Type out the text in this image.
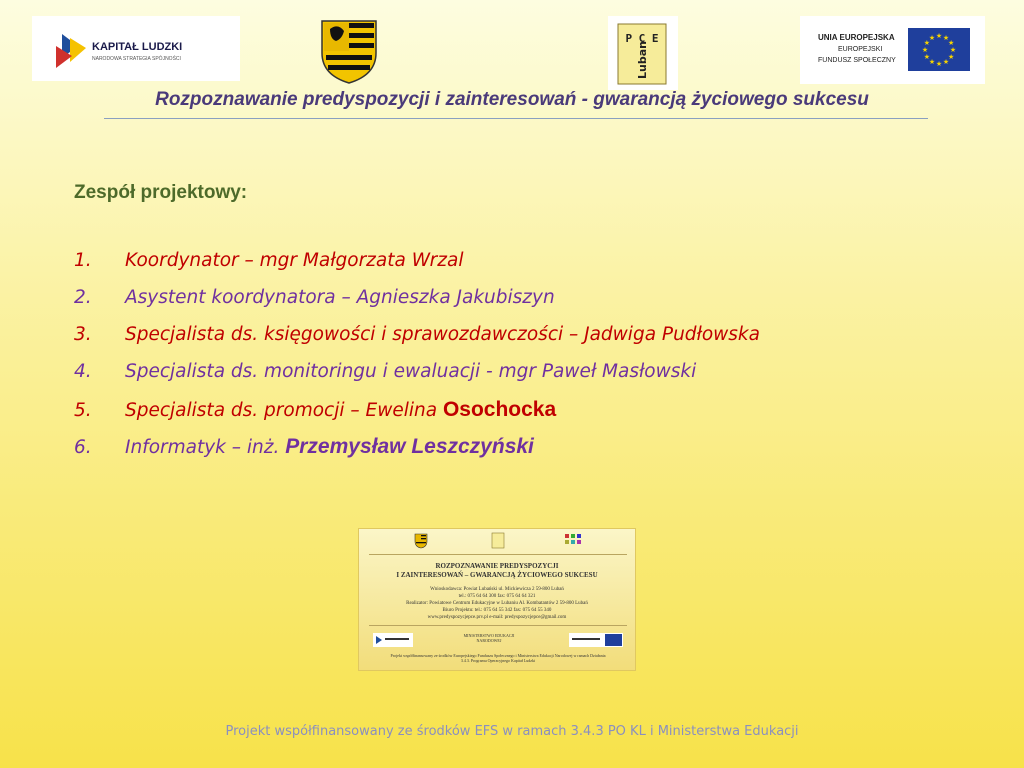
KAPITAŁ LUDZKI
NARODOWA STRATEGIA SPÓJNOŚCI
P C E
Luban
PCE Luban
UNIA EUROPEJSKA
EUROPEJSKI
FUNDUSZ SPOŁECZNY
★ ★
★
★
★
★
★
★
★
★
★
★
Rozpoznawanie predyspozycji i zainteresowań - gwarancją życiowego sukcesu
Zespół projektowy:
1.	Koordynator – mgr Małgorzata Wrzal
2.	Asystent koordynatora – Agnieszka Jakubiszyn
3.	Specjalista ds. księgowości i sprawozdawczości – Jadwiga Pudłowska
4.	Specjalista ds. monitoringu i ewaluacji - mgr Paweł Masłowski
5.	Specjalista ds. promocji – Ewelina Osochocka
6.	Informatyk – inż. Przemysław Leszczyński
ROZPOZNAWANIE PREDYSPOZYCJI
I ZAINTERESOWAŃ – GWARANCJĄ ŻYCIOWEGO SUKCESU
Wnioskodawca: Powiat Lubański ul. Mickiewicza 2 59-800 Lubań
tel.: 075 64 64 300 fax: 075 64 64 321
Realizator: Powiatowe Centrum Edukacyjne w Lubaniu Al. Kombatantów 2 59-800 Lubań
Biuro Projektu: tel.: 075 64 55 342 fax: 075 64 55 340
www.predyspozycjepce.prv.pl e-mail: predyspozycjepce@gmail.com
MINISTERSTWO EDUKACJI NARODOWEJ
Projekt współfinansowany ze środków Europejskiego Funduszu Społecznego i Ministerstwa Edukacji Narodowej w ramach Działania 3.4.3. Programu Operacyjnego Kapitał Ludzki
Projekt współfinansowany ze środków EFS w ramach 3.4.3 PO KL i Ministerstwa Edukacji
